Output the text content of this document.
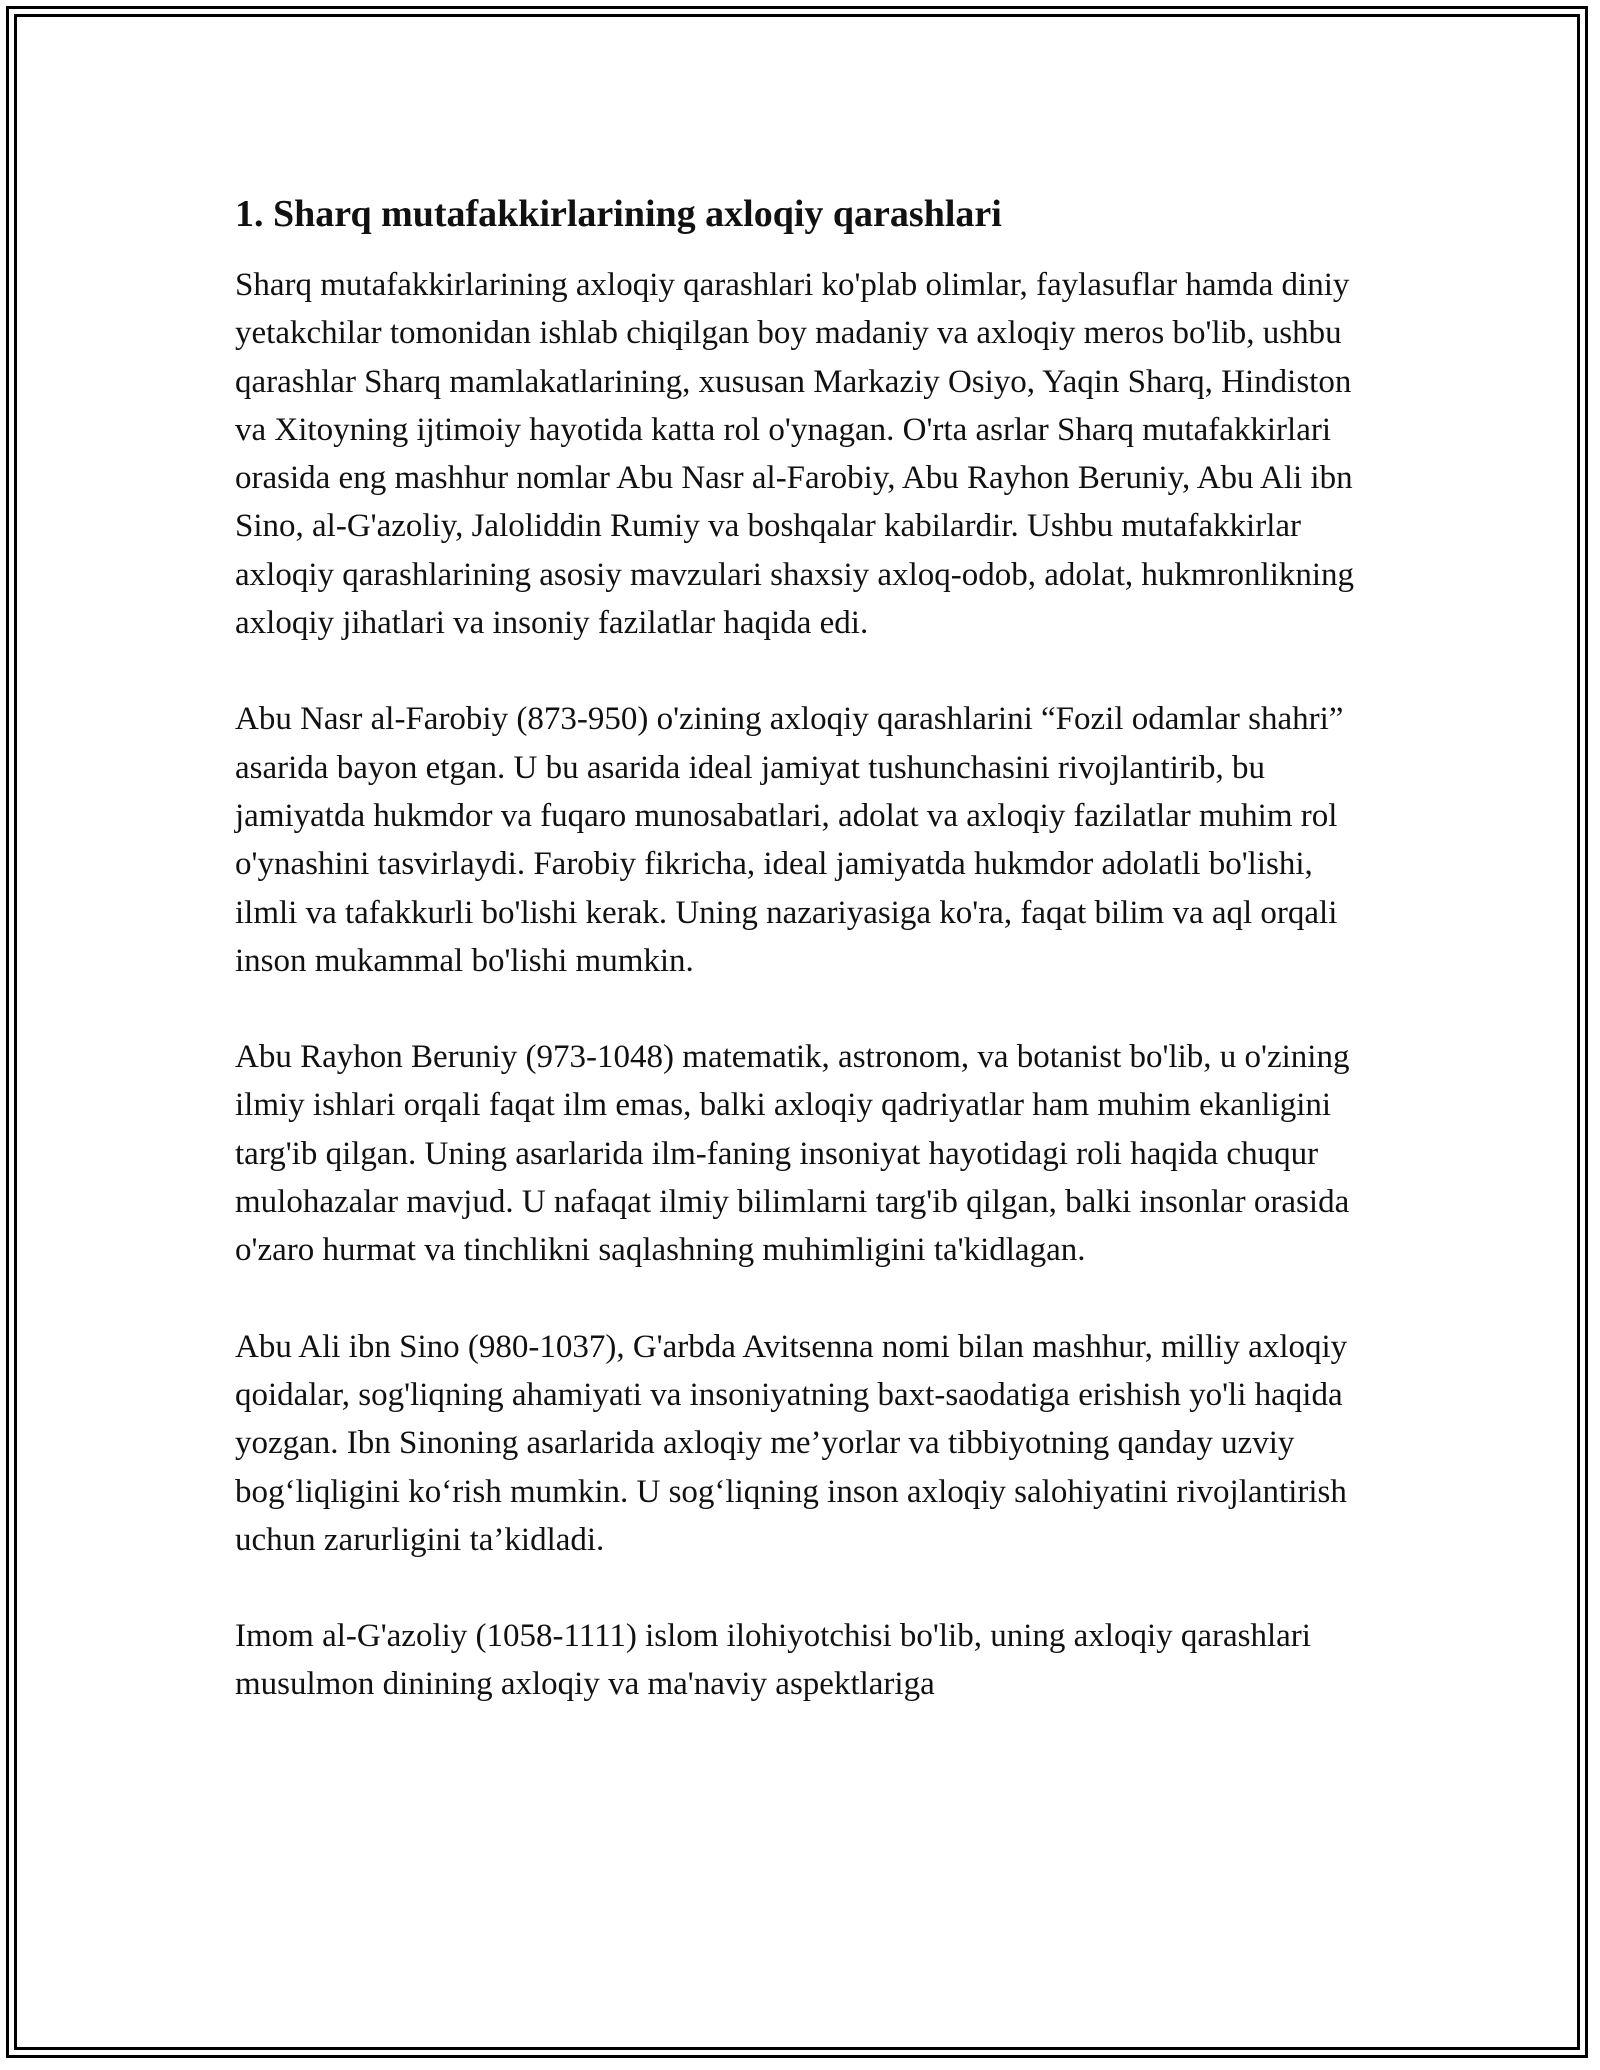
1. Sharq mutafakkirlarining axloqiy qarashlari

Sharq mutafakkirlarining axloqiy qarashlari ko'plab olimlar, faylasuflar hamda diniy yetakchilar tomonidan ishlab chiqilgan boy madaniy va axloqiy meros bo'lib, ushbu qarashlar Sharq mamlakatlarining, xususan Markaziy Osiyo, Yaqin Sharq, Hindiston va Xitoyning ijtimoiy hayotida katta rol o'ynagan. O'rta asrlar Sharq mutafakkirlari orasida eng mashhur nomlar Abu Nasr al-Farobiy, Abu Rayhon Beruniy, Abu Ali ibn Sino, al-G'azoliy, Jaloliddin Rumiy va boshqalar kabilardir. Ushbu mutafakkirlar axloqiy qarashlarining asosiy mavzulari shaxsiy axloq-odob, adolat, hukmronlikning axloqiy jihatlari va insoniy fazilatlar haqida edi.

Abu Nasr al-Farobiy (873-950) o'zining axloqiy qarashlarini “Fozil odamlar shahri” asarida bayon etgan. U bu asarida ideal jamiyat tushunchasini rivojlantirib, bu jamiyatda hukmdor va fuqaro munosabatlari, adolat va axloqiy fazilatlar muhim rol o'ynashini tasvirlaydi. Farobiy fikricha, ideal jamiyatda hukmdor adolatli bo'lishi, ilmli va tafakkurli bo'lishi kerak. Uning nazariyasiga ko'ra, faqat bilim va aql orqali inson mukammal bo'lishi mumkin.

Abu Rayhon Beruniy (973-1048) matematik, astronom, va botanist bo'lib, u o'zining ilmiy ishlari orqali faqat ilm emas, balki axloqiy qadriyatlar ham muhim ekanligini targ'ib qilgan. Uning asarlarida ilm-faning insoniyat hayotidagi roli haqida chuqur mulohazalar mavjud. U nafaqat ilmiy bilimlarni targ'ib qilgan, balki insonlar orasida o'zaro hurmat va tinchlikni saqlashning muhimligini ta'kidlagan.

Abu Ali ibn Sino (980-1037), G'arbda Avitsenna nomi bilan mashhur, milliy axloqiy qoidalar, sog'liqning ahamiyati va insoniyatning baxt-saodatiga erishish yo'li haqida yozgan. Ibn Sinoning asarlarida axloqiy me’yorlar va tibbiyotning qanday uzviy bog‘liqligini ko‘rish mumkin. U sog‘liqning inson axloqiy salohiyatini rivojlantirish uchun zarurligini ta’kidladi.

Imom al-G'azoliy (1058-1111) islom ilohiyotchisi bo'lib, uning axloqiy qarashlari musulmon dinining axloqiy va ma'naviy aspektlariga
